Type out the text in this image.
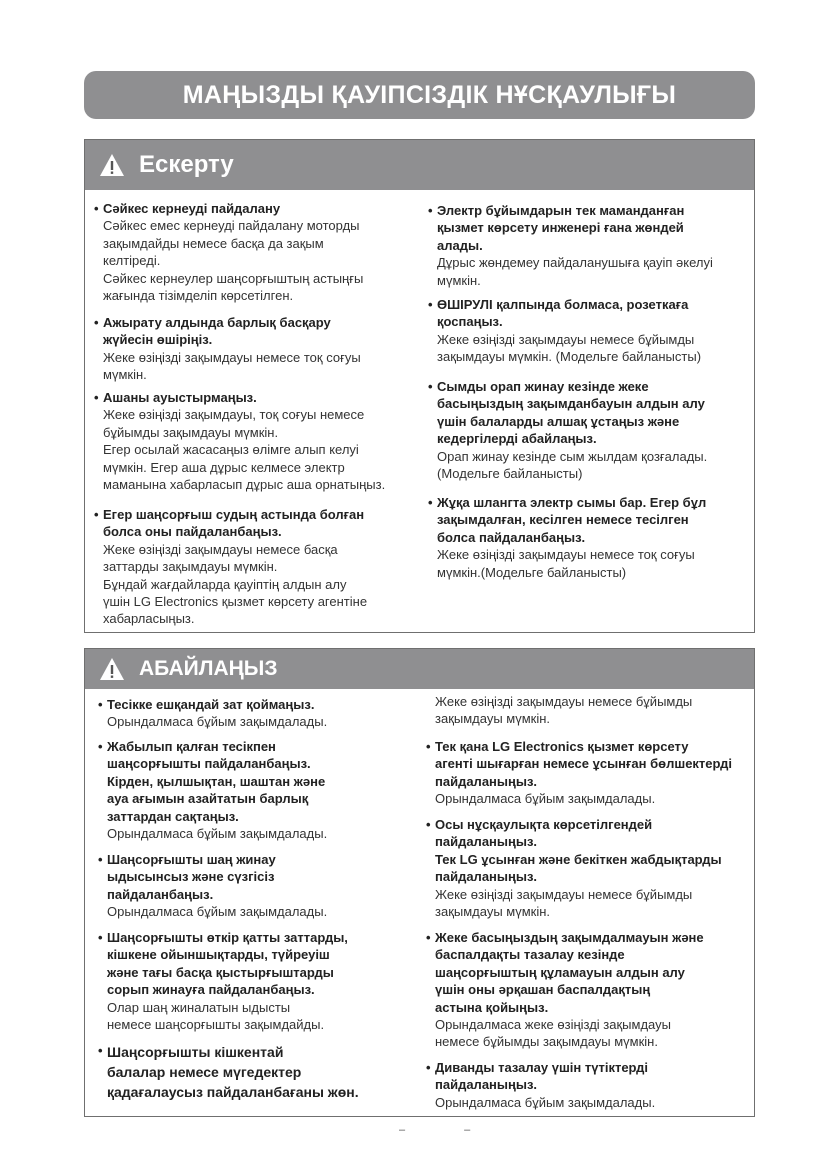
МАҢЫЗДЫ ҚАУІПСІЗДІК НҰСҚАУЛЫҒЫ
Ескерту
• Сәйкес кернеуді пайдалану
Сәйкес емес кернеуді пайдалану моторды
зақымдайды немесе басқа да зақым
келтіреді.
Сәйкес кернеулер шаңсорғыштың астыңғы
жағында тізімделіп көрсетілген.
• Ажырату алдында барлық басқару
жүйесін өшіріңіз.
Жеке өзіңізді зақымдауы немесе тоқ соғуы
мүмкін.
• Ашаны ауыстырмаңыз.
Жеке өзіңізді зақымдауы, тоқ соғуы немесе
бұйымды зақымдауы мүмкін.
Егер осылай жасасаңыз өлімге алып келуі
мүмкін. Егер аша дұрыс келмесе электр
маманына хабарласып дұрыс аша орнатыңыз.
• Егер шаңсорғыш судың астында болған
болса оны пайдаланбаңыз.
Жеке өзіңізді зақымдауы немесе басқа
заттарды зақымдауы мүмкін.
Бұндай жағдайларда қауіптің алдын алу
үшін LG Electronics қызмет көрсету агентіне
хабарласыңыз.
• Электр бұйымдарын тек маманданған
қызмет көрсету инженері ғана жөндей
алады.
Дұрыс жөндемеу пайдаланушыға қауіп әкелуі
мүмкін.
• ӨШІРУЛІ қалпында болмаса, розеткаға
қоспаңыз.
Жеке өзіңізді зақымдауы немесе бұйымды
зақымдауы мүмкін. (Модельге байланысты)
• Сымды орап жинау кезінде жеке
басыңыздың зақымданбауын алдын алу
үшін балаларды алшақ ұстаңыз және
кедергілерді абайлаңыз.
Орап жинау кезінде сым жылдам қозғалады.
(Модельге байланысты)
• Жұқа шлангта электр сымы бар. Егер бұл
зақымдалған, кесілген немесе тесілген
болса пайдаланбаңыз.
Жеке өзіңізді зақымдауы немесе тоқ соғуы
мүмкін.(Модельге байланысты)
АБАЙЛАҢЫЗ
• Тесікке ешқандай зат қоймаңыз.
Орындалмаса бұйым зақымдалады.
• Жабылып қалған тесікпен
шаңсорғышты пайдаланбаңыз.
Кірден, қылшықтан, шаштан және
ауа ағымын азайтатын барлық
заттардан сақтаңыз.
Орындалмаса бұйым зақымдалады.
• Шаңсорғышты шаң жинау
ыдысынсыз және сүзгісіз
пайдаланбаңыз.
Орындалмаса бұйым зақымдалады.
• Шаңсорғышты өткір қатты заттарды,
кішкене ойыншықтарды, түйреуіш
және тағы басқа қыстырғыштарды
сорып жинауға пайдаланбаңыз.
Олар шаң жиналатын ыдысты
немесе шаңсорғышты зақымдайды.
• Шаңсорғышты кішкентай
балалар немесе мүгедектер
қадағалаусыз пайдаланбағаны жөн.
Жеке өзіңізді зақымдауы немесе бұйымды
зақымдауы мүмкін.
• Тек қана LG Electronics қызмет көрсету
агенті шығарған немесе ұсынған бөлшектерді
пайдаланыңыз.
Орындалмаса бұйым зақымдалады.
• Осы нұсқаулықта көрсетілгендей
пайдаланыңыз.
Тек LG ұсынған және бекіткен жабдықтарды
пайдаланыңыз.
Жеке өзіңізді зақымдауы немесе бұйымды
зақымдауы мүмкін.
• Жеке басыңыздың зақымдалмауын және
баспалдақты тазалау кезінде
шаңсорғыштың құламауын алдын алу
үшін оны әрқашан баспалдақтың
астына қойыңыз.
Орындалмаса жеке өзіңізді зақымдауы
немесе бұйымды зақымдауы мүмкін.
• Диванды тазалау үшін түтіктерді
пайдаланыңыз.
Орындалмаса бұйым зақымдалады.
– –
